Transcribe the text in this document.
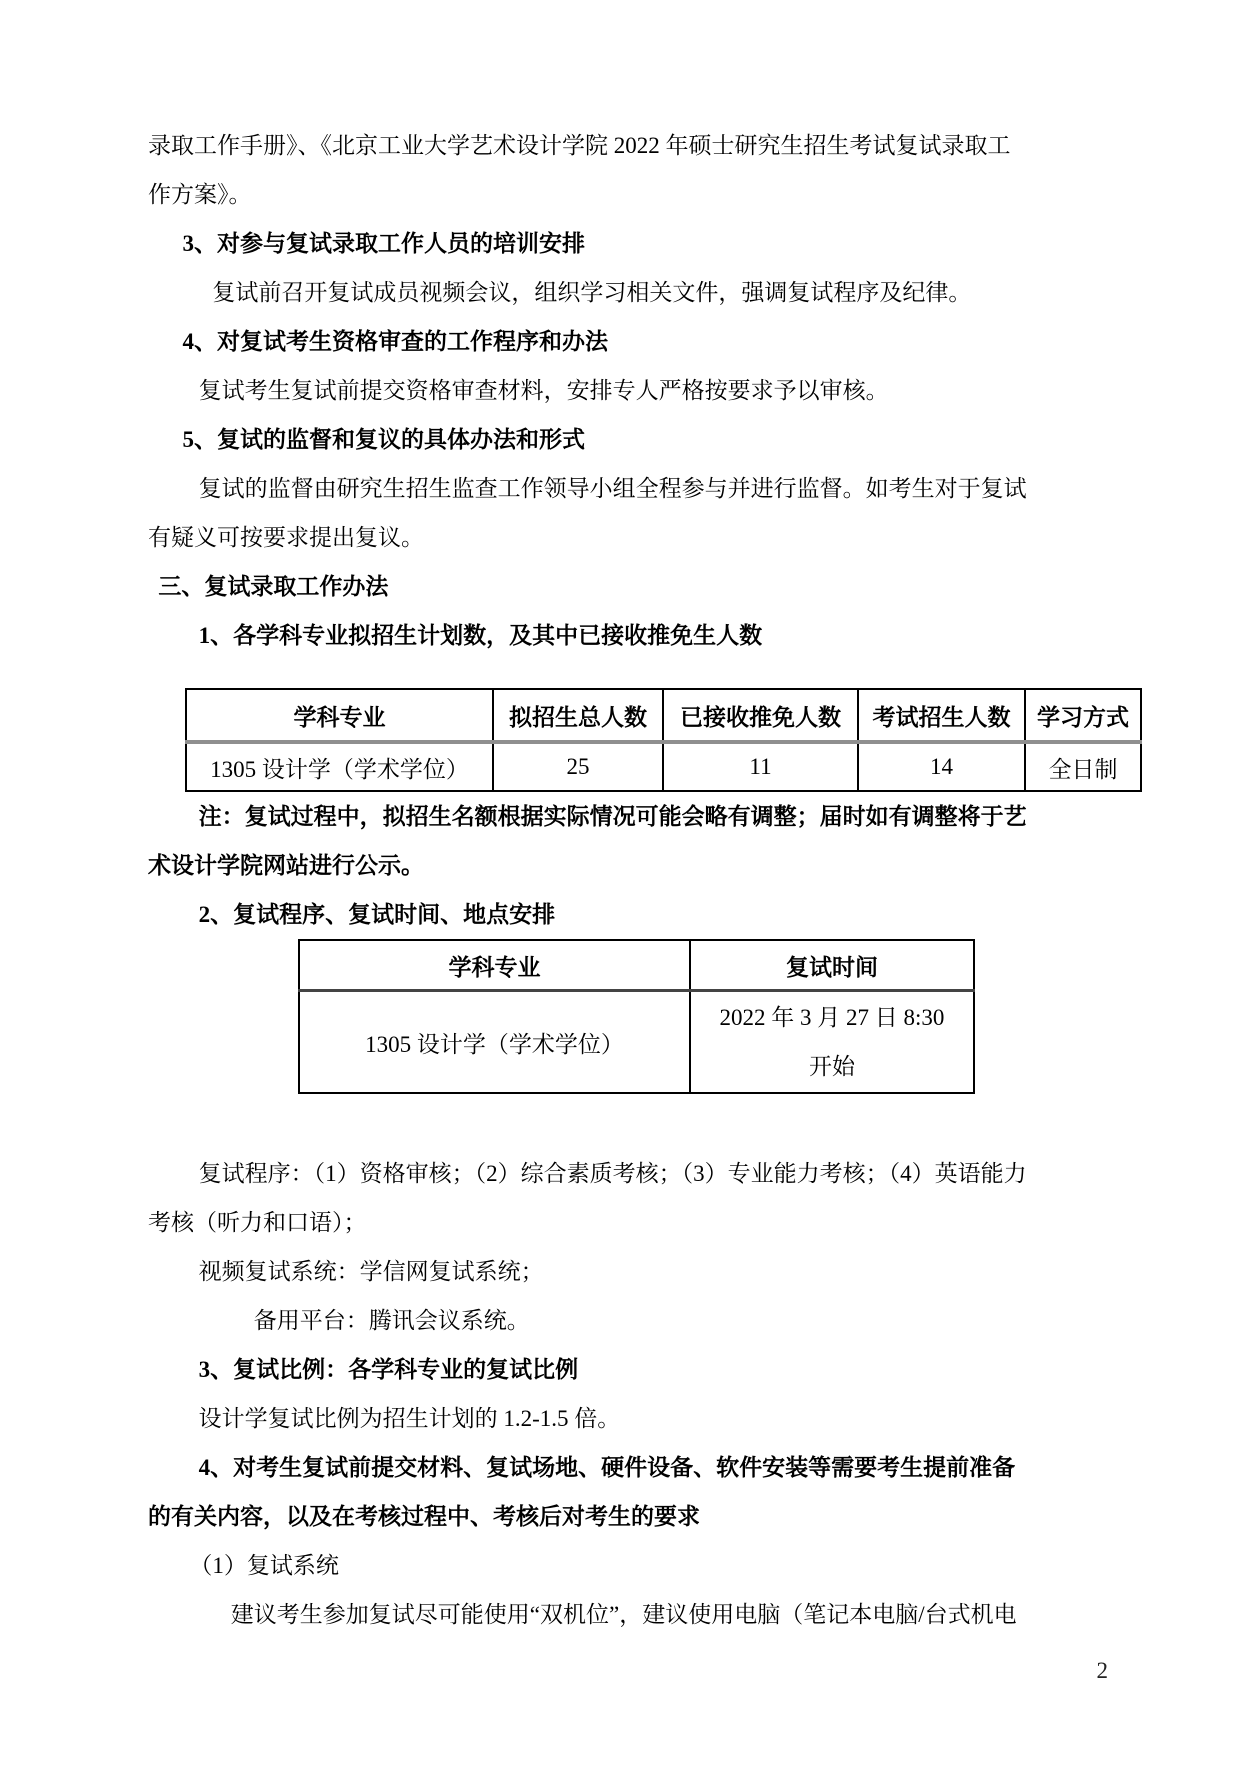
录取工作手册》、《北京工业大学艺术设计学院 2022 年硕士研究生招生考试复试录取工
作方案》。
3、对参与复试录取工作人员的培训安排
复试前召开复试成员视频会议，组织学习相关文件，强调复试程序及纪律。
4、对复试考生资格审查的工作程序和办法
复试考生复试前提交资格审查材料，安排专人严格按要求予以审核。
5、复试的监督和复议的具体办法和形式
复试的监督由研究生招生监查工作领导小组全程参与并进行监督。如考生对于复试
有疑义可按要求提出复议。
三、复试录取工作办法
1、各学科专业拟招生计划数，及其中已接收推免生人数
学科专业	拟招生总人数	已接收推免人数	考试招生人数	学习方式
1305 设计学（学术学位）	25	11	14	全日制
注：复试过程中，拟招生名额根据实际情况可能会略有调整；届时如有调整将于艺
术设计学院网站进行公示。
2、复试程序、复试时间、地点安排
学科专业	复试时间
1305 设计学（学术学位）	2022 年 3 月 27 日 8:30
开始
复试程序：（1）资格审核；（2）综合素质考核；（3）专业能力考核；（4）英语能力
考核（听力和口语）；
视频复试系统：学信网复试系统；
备用平台：腾讯会议系统。
3、复试比例：各学科专业的复试比例
设计学复试比例为招生计划的 1.2-1.5 倍。
4、对考生复试前提交材料、复试场地、硬件设备、软件安装等需要考生提前准备
的有关内容，以及在考核过程中、考核后对考生的要求
（1）复试系统
建议考生参加复试尽可能使用“双机位”，建议使用电脑（笔记本电脑/台式机电
2
